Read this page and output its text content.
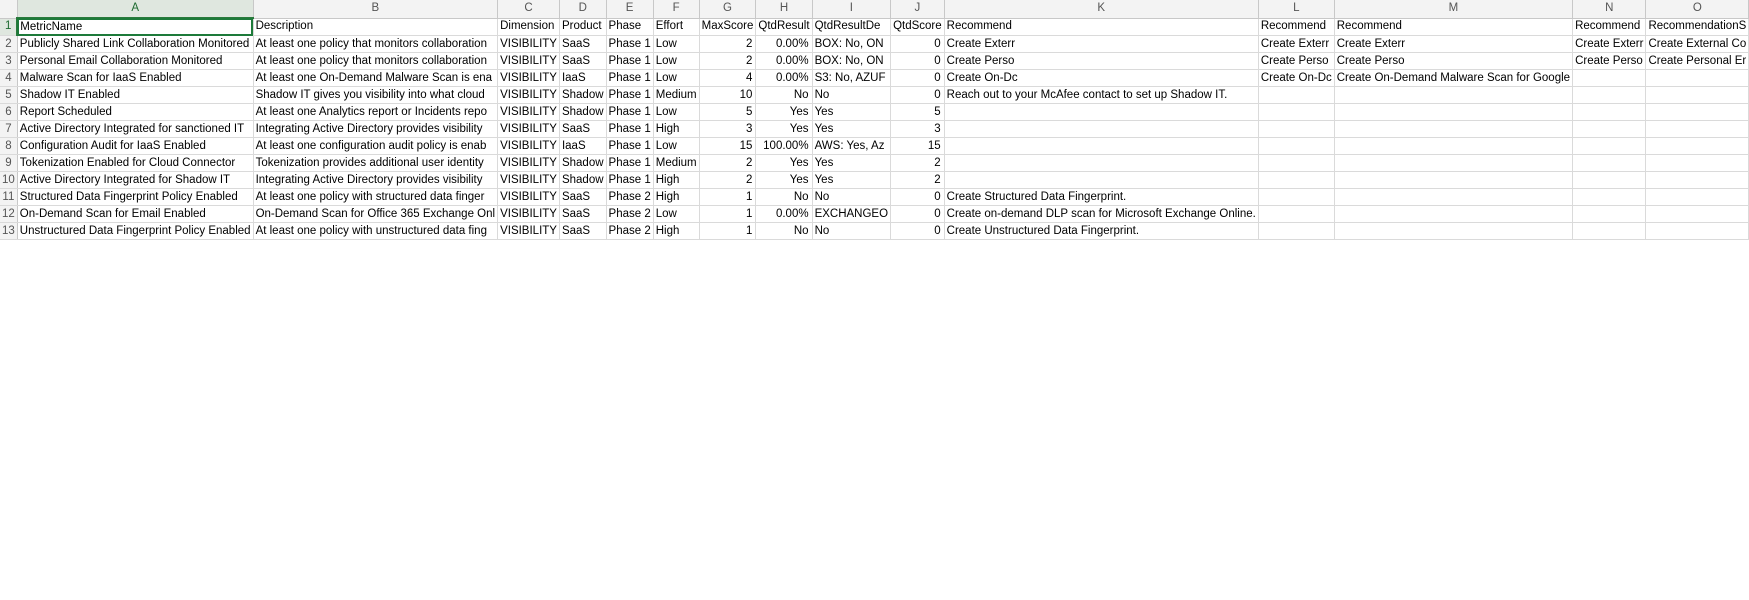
	A	B	C	D	E	F	G	H	I	J	K	L	M	N	O
1	MetricName	Description	Dimension	Product	Phase	Effort	MaxScore	QtdResult	QtdResultDe	QtdScore	Recommend	Recommend	Recommend	Recommend	RecommendationS
2	Publicly Shared Link Collaboration Monitored	At least one policy that monitors collaboration	VISIBILITY	SaaS	Phase 1	Low	2	0.00%	BOX: No, ON	0	Create Exterr	Create Exterr	Create Exterr	Create Exterr	Create External Co
3	Personal Email Collaboration Monitored	At least one policy that monitors collaboration	VISIBILITY	SaaS	Phase 1	Low	2	0.00%	BOX: No, ON	0	Create Perso	Create Perso	Create Perso	Create Perso	Create Personal Er
4	Malware Scan for IaaS Enabled	At least one On-Demand Malware Scan is ena	VISIBILITY	IaaS	Phase 1	Low	4	0.00%	S3: No, AZUF	0	Create On-Dc	Create On-Dc	Create On-Demand Malware Scan for Google		
5	Shadow IT Enabled	Shadow IT gives you visibility into what cloud	VISIBILITY	Shadow	Phase 1	Medium	10	No	No	0	Reach out to your McAfee contact to set up Shadow IT.				
6	Report Scheduled	At least one Analytics report or Incidents repo	VISIBILITY	Shadow	Phase 1	Low	5	Yes	Yes	5					
7	Active Directory Integrated for sanctioned IT	Integrating Active Directory provides visibility	VISIBILITY	SaaS	Phase 1	High	3	Yes	Yes	3					
8	Configuration Audit for IaaS Enabled	At least one configuration audit policy is enab	VISIBILITY	IaaS	Phase 1	Low	15	100.00%	AWS: Yes, Az	15					
9	Tokenization Enabled for Cloud Connector	Tokenization provides additional user identity	VISIBILITY	Shadow	Phase 1	Medium	2	Yes	Yes	2					
10	Active Directory Integrated for Shadow IT	Integrating Active Directory provides visibility	VISIBILITY	Shadow	Phase 1	High	2	Yes	Yes	2					
11	Structured Data Fingerprint Policy Enabled	At least one policy with structured data finger	VISIBILITY	SaaS	Phase 2	High	1	No	No	0	Create Structured Data Fingerprint.				
12	On-Demand Scan for Email Enabled	On-Demand Scan for Office 365 Exchange Onl	VISIBILITY	SaaS	Phase 2	Low	1	0.00%	EXCHANGEO	0	Create on-demand DLP scan for Microsoft Exchange Online.				
13	Unstructured Data Fingerprint Policy Enabled	At least one policy with unstructured data fing	VISIBILITY	SaaS	Phase 2	High	1	No	No	0	Create Unstructured Data Fingerprint.				
